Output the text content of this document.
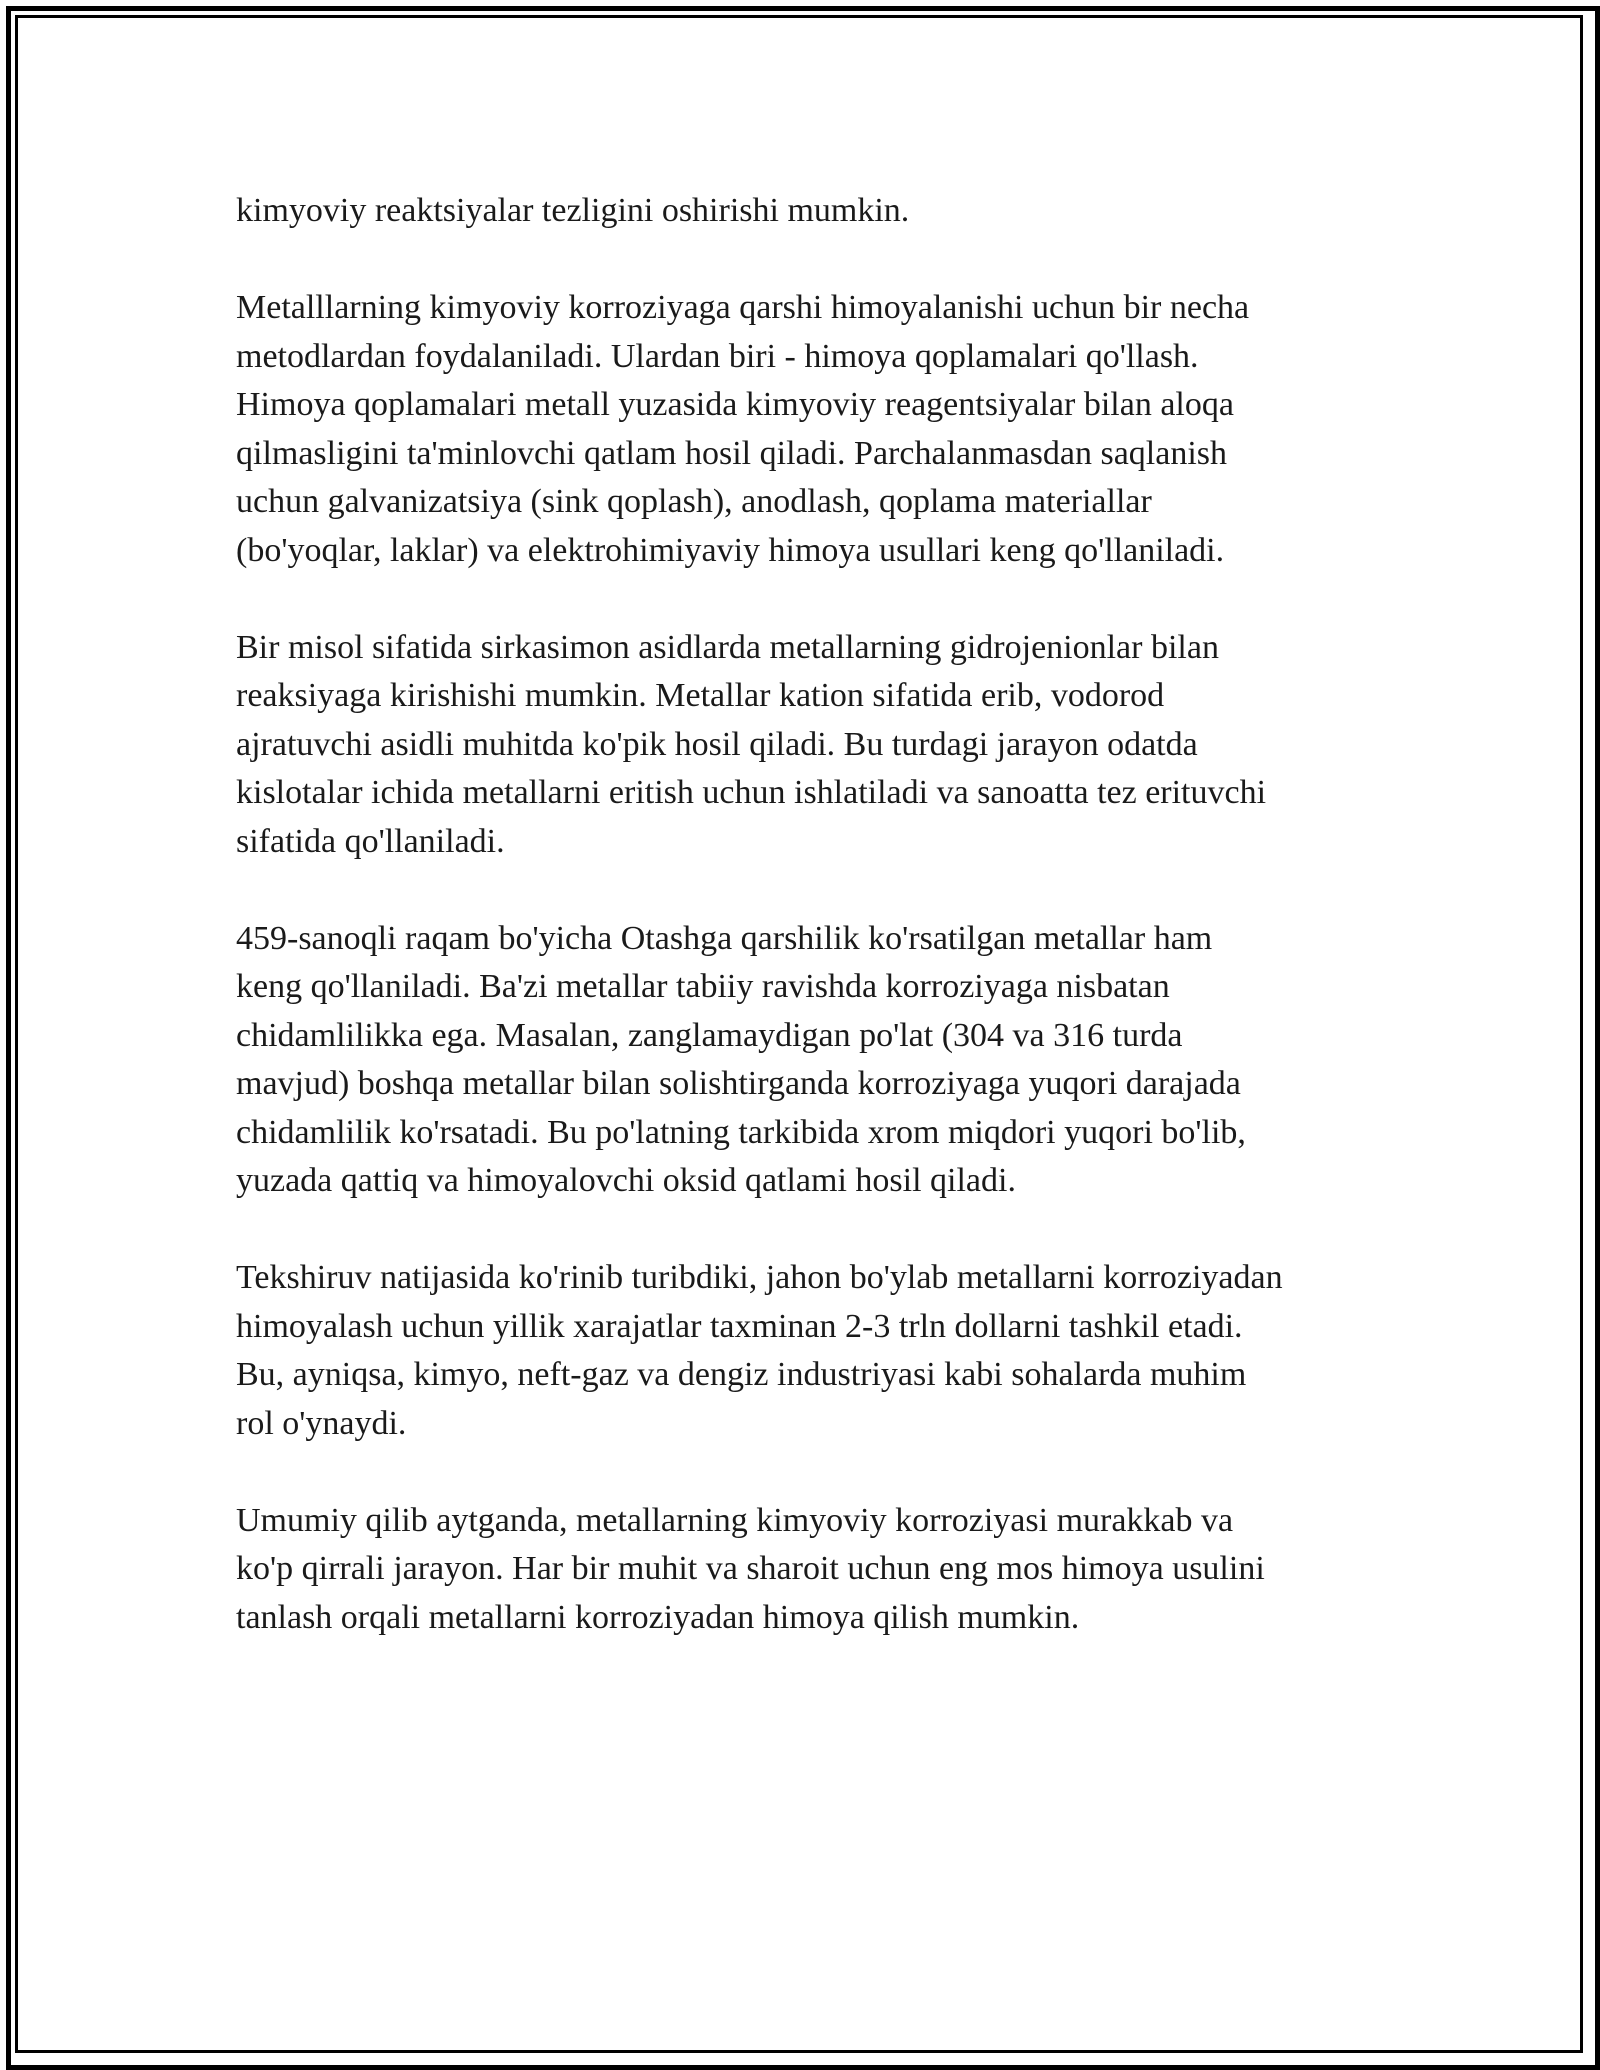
kimyoviy reaktsiyalar tezligini oshirishi mumkin.

Metalllarning kimyoviy korroziyaga qarshi himoyalanishi uchun bir necha
metodlardan foydalaniladi. Ulardan biri - himoya qoplamalari qo'llash.
Himoya qoplamalari metall yuzasida kimyoviy reagentsiyalar bilan aloqa
qilmasligini ta'minlovchi qatlam hosil qiladi. Parchalanmasdan saqlanish
uchun galvanizatsiya (sink qoplash), anodlash, qoplama materiallar
(bo'yoqlar, laklar) va elektrohimiyaviy himoya usullari keng qo'llaniladi.

Bir misol sifatida sirkasimon asidlarda metallarning gidrojenionlar bilan
reaksiyaga kirishishi mumkin. Metallar kation sifatida erib, vodorod
ajratuvchi asidli muhitda ko'pik hosil qiladi. Bu turdagi jarayon odatda
kislotalar ichida metallarni eritish uchun ishlatiladi va sanoatta tez erituvchi
sifatida qo'llaniladi.

459-sanoqli raqam bo'yicha Otashga qarshilik ko'rsatilgan metallar ham
keng qo'llaniladi. Ba'zi metallar tabiiy ravishda korroziyaga nisbatan
chidamlilikka ega. Masalan, zanglamaydigan po'lat (304 va 316 turda
mavjud) boshqa metallar bilan solishtirganda korroziyaga yuqori darajada
chidamlilik ko'rsatadi. Bu po'latning tarkibida xrom miqdori yuqori bo'lib,
yuzada qattiq va himoyalovchi oksid qatlami hosil qiladi.

Tekshiruv natijasida ko'rinib turibdiki, jahon bo'ylab metallarni korroziyadan
himoyalash uchun yillik xarajatlar taxminan 2-3 trln dollarni tashkil etadi.
Bu, ayniqsa, kimyo, neft-gaz va dengiz industriyasi kabi sohalarda muhim
rol o'ynaydi.

Umumiy qilib aytganda, metallarning kimyoviy korroziyasi murakkab va
ko'p qirrali jarayon. Har bir muhit va sharoit uchun eng mos himoya usulini
tanlash orqali metallarni korroziyadan himoya qilish mumkin.
